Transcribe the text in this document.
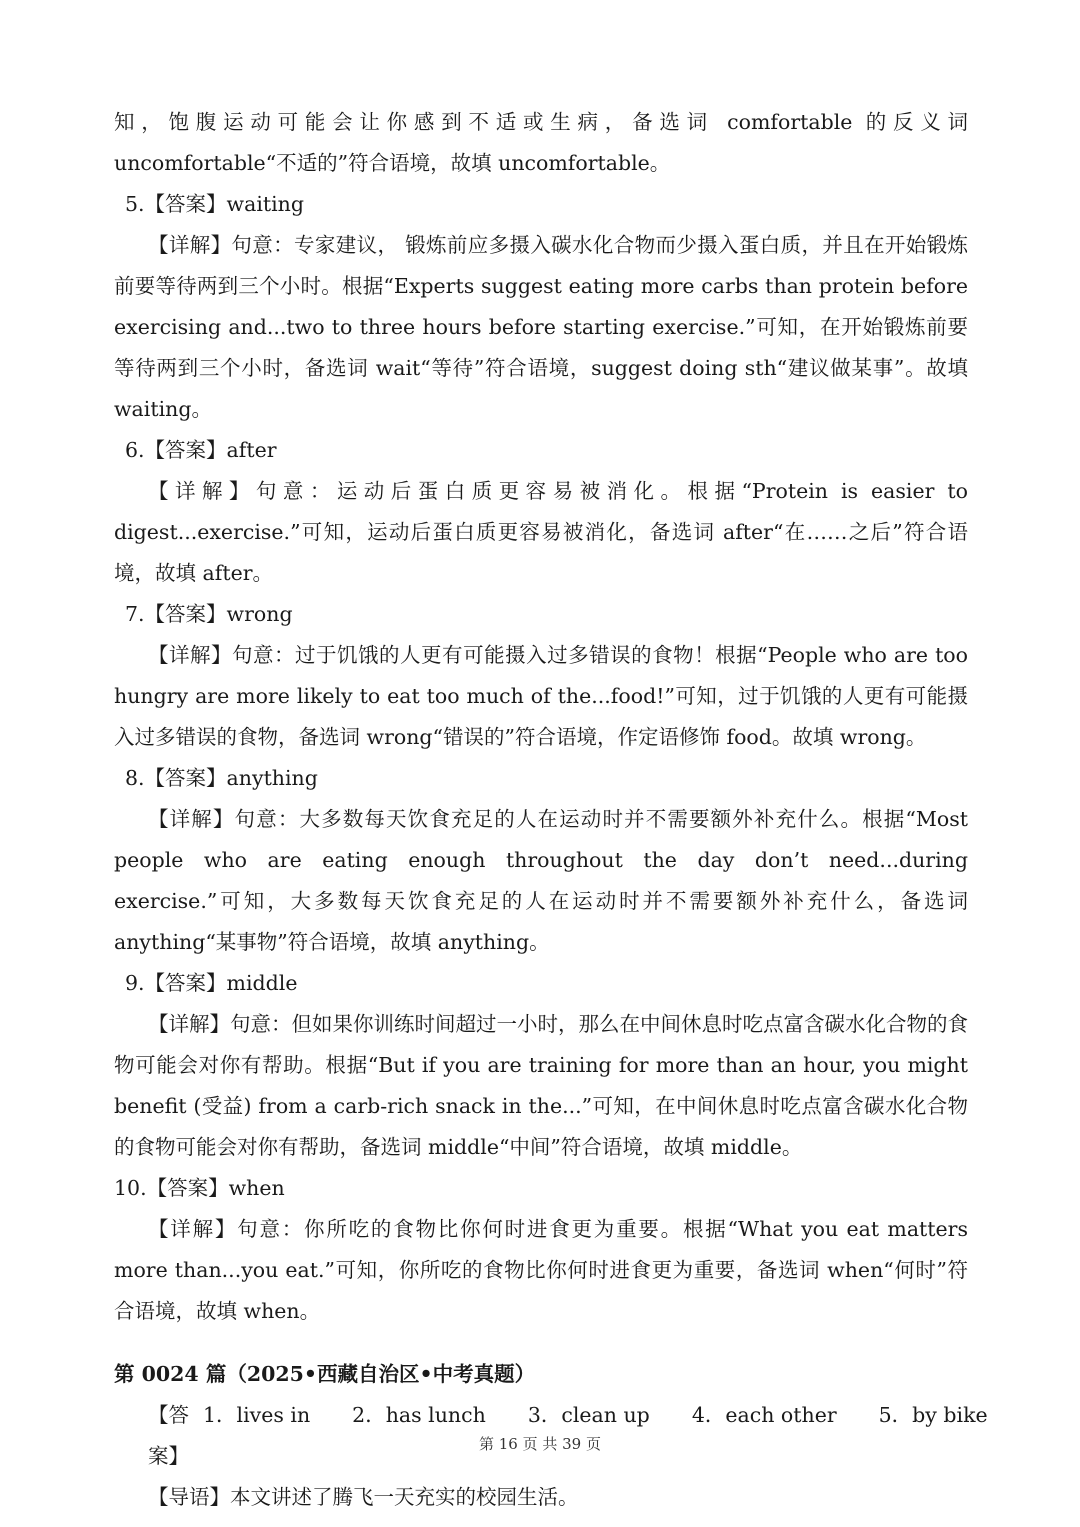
知，饱腹运动可能会让你感到不适或生病，备选词 comfortable 的反义词 uncomfortable“不适的”符合语境，故填 uncomfortable。

5.【答案】waiting

【详解】句意：专家建议， 锻炼前应多摄入碳水化合物而少摄入蛋白质，并且在开始锻炼前要等待两到三个小时。根据“Experts suggest eating more carbs than protein before exercising and...two to three hours before starting exercise.”可知，在开始锻炼前要等待两到三个小时，备选词 wait“等待”符合语境，suggest doing sth“建议做某事”。故填 waiting。

6.【答案】after

【详解】句意：运动后蛋白质更容易被消化。根据“Protein is easier to digest...exercise.”可知，运动后蛋白质更容易被消化，备选词 after“在……之后”符合语境，故填 after。

7.【答案】wrong

【详解】句意：过于饥饿的人更有可能摄入过多错误的食物！根据“People who are too hungry are more likely to eat too much of the...food!”可知，过于饥饿的人更有可能摄入过多错误的食物，备选词 wrong“错误的”符合语境，作定语修饰 food。故填 wrong。

8.【答案】anything

【详解】句意：大多数每天饮食充足的人在运动时并不需要额外补充什么。根据“Most people who are eating enough throughout the day don’t need...during exercise.”可知，大多数每天饮食充足的人在运动时并不需要额外补充什么，备选词 anything“某事物”符合语境，故填 anything。

9.【答案】middle

【详解】句意：但如果你训练时间超过一小时，那么在中间休息时吃点富含碳水化合物的食物可能会对你有帮助。根据“But if you are training for more than an hour, you might benefit (受益) from a carb-rich snack in the...”可知，在中间休息时吃点富含碳水化合物的食物可能会对你有帮助，备选词 middle“中间”符合语境，故填 middle。

10.【答案】when

【详解】句意：你所吃的食物比你何时进食更为重要。根据“What you eat matters more than...you eat.”可知，你所吃的食物比你何时进食更为重要，备选词 when“何时”符合语境，故填 when。

第 0024 篇（2025•西藏自治区•中考真题）

【答案】
1．lives in 2．has lunch 3．clean up 4．each other 5．by bike

【导语】本文讲述了腾飞一天充实的校园生活。

第 16 页 共 39 页
